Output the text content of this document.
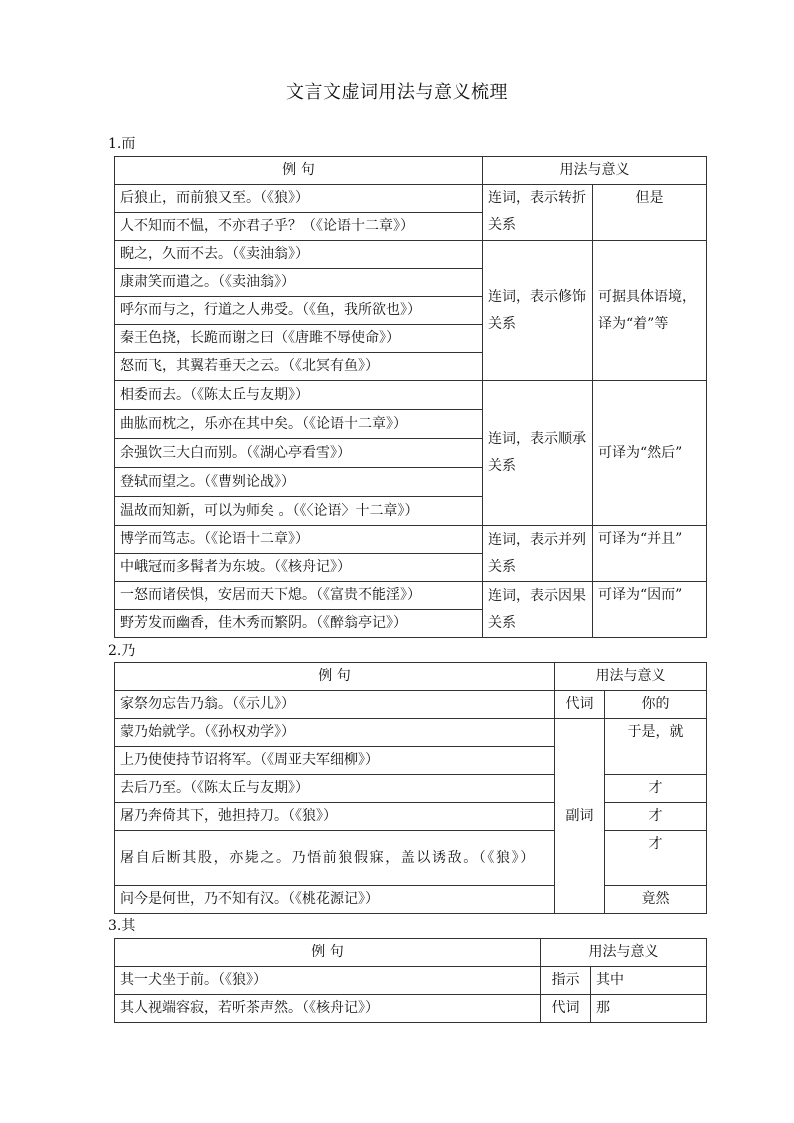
文言文虚词用法与意义梳理
1.而
例 句	用法与意义	
后狼止，而前狼又至。（《狼》）	连词，表示转折关系	但是
人不知而不愠，不亦君子乎？（《论语十二章》）		
睨之，久而不去。（《卖油翁》）	连词，表示修饰关系	可据具体语境，译为“着”等
康肃笑而遣之。（《卖油翁》）		
呼尔而与之，行道之人弗受。（《鱼，我所欲也》）		
秦王色挠，长跪而谢之曰（《唐雎不辱使命》）		
怒而飞，其翼若垂天之云。（《北冥有鱼》）		
相委而去。（《陈太丘与友期》）	连词，表示顺承关系	可译为“然后”
曲肱而枕之，乐亦在其中矣。（《论语十二章》）		
余强饮三大白而别。（《湖心亭看雪》）		
登轼而望之。（《曹刿论战》）		
温故而知新，可以为师矣 。（《〈论语〉十二章》）		
博学而笃志。（《论语十二章》）	连词，表示并列关系	可译为“并且”
中峨冠而多髯者为东坡。（《核舟记》）		
一怒而诸侯惧，安居而天下熄。（《富贵不能淫》）	连词，表示因果关系	可译为“因而”
野芳发而幽香，佳木秀而繁阴。（《醉翁亭记》）		
2.乃
例 句	用法与意义	
家祭勿忘告乃翁。（《示儿》）	代词	你的
蒙乃始就学。（《孙权劝学》）	副词	于是，就
上乃使使持节诏将军。（《周亚夫军细柳》）		
去后乃至。（《陈太丘与友期》）		才
屠乃奔倚其下，弛担持刀。（《狼》）		才
屠自后断其股，亦毙之。乃悟前狼假寐，盖以诱敌。（《狼》）		才
问今是何世，乃不知有汉。（《桃花源记》）		竟然
3.其
例 句	用法与意义	
其一犬坐于前。（《狼》）	指示	其中
其人视端容寂，若听茶声然。（《核舟记》）	代词	那
